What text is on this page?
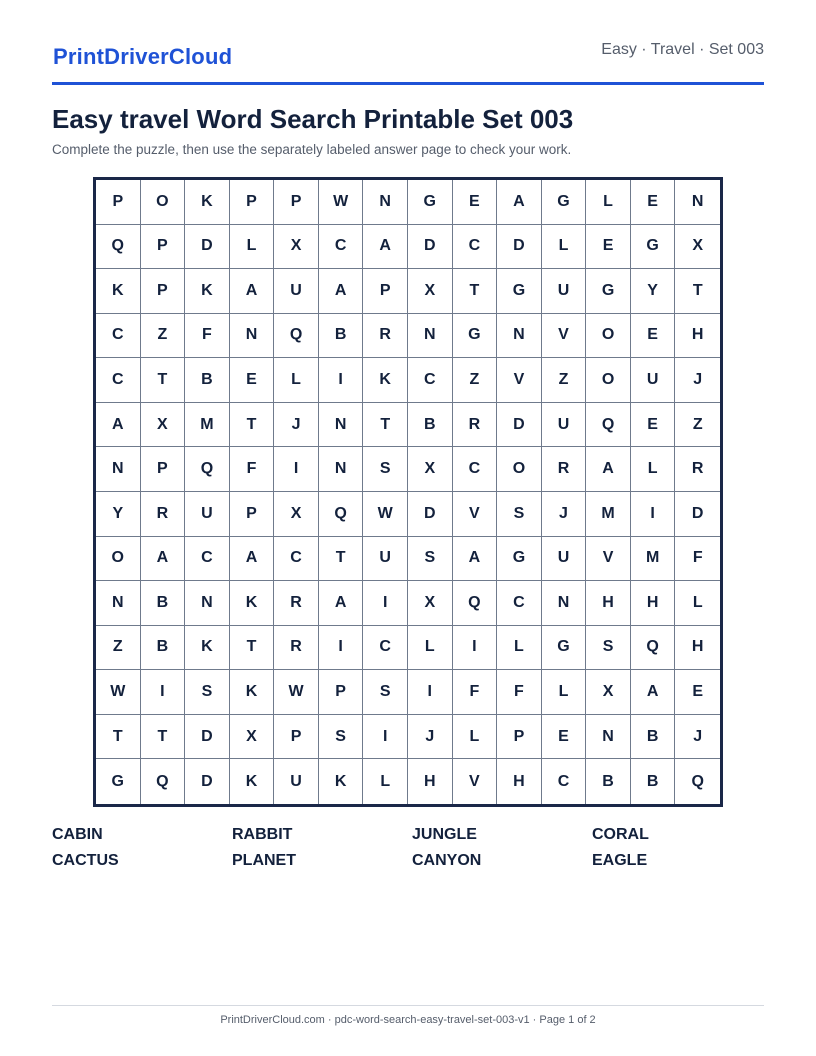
PrintDriverCloud	Easy · Travel · Set 003
Easy travel Word Search Printable Set 003
Complete the puzzle, then use the separately labeled answer page to check your work.
P	O	K	P	P	W	N	G	E	A	G	L	E	N
Q	P	D	L	X	C	A	D	C	D	L	E	G	X
K	P	K	A	U	A	P	X	T	G	U	G	Y	T
C	Z	F	N	Q	B	R	N	G	N	V	O	E	H
C	T	B	E	L	I	K	C	Z	V	Z	O	U	J
A	X	M	T	J	N	T	B	R	D	U	Q	E	Z
N	P	Q	F	I	N	S	X	C	O	R	A	L	R
Y	R	U	P	X	Q	W	D	V	S	J	M	I	D
O	A	C	A	C	T	U	S	A	G	U	V	M	F
N	B	N	K	R	A	I	X	Q	C	N	H	H	L
Z	B	K	T	R	I	C	L	I	L	G	S	Q	H
W	I	S	K	W	P	S	I	F	F	L	X	A	E
T	T	D	X	P	S	I	J	L	P	E	N	B	J
G	Q	D	K	U	K	L	H	V	H	C	B	B	Q
CABIN	RABBIT	JUNGLE	CORAL
CACTUS	PLANET	CANYON	EAGLE
PrintDriverCloud.com · pdc-word-search-easy-travel-set-003-v1 · Page 1 of 2
